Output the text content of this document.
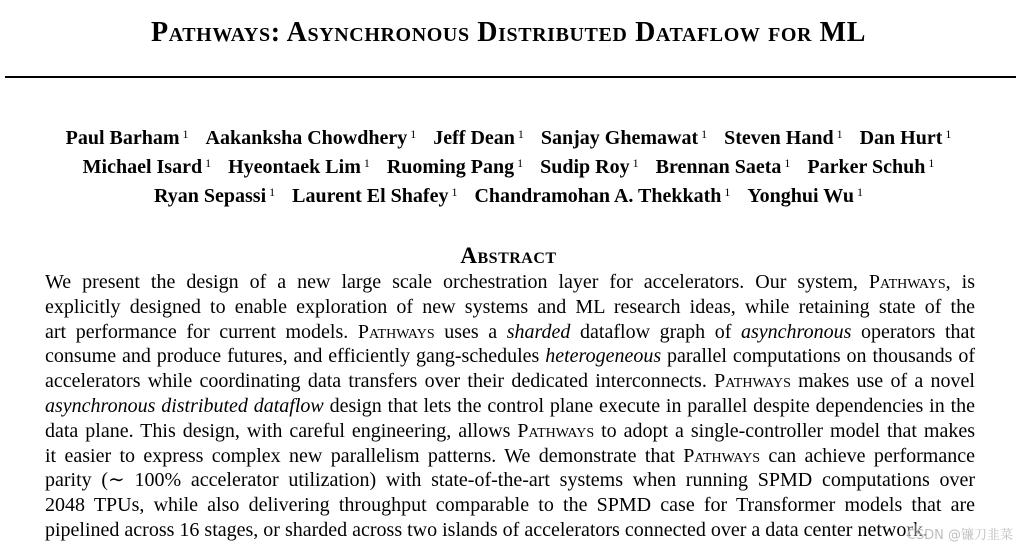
Pathways: Asynchronous Distributed Dataflow for ML
Paul Barham $^1$ Aakanksha Chowdhery $^1$ Jeff Dean $^1$ Sanjay Ghemawat $^1$ Steven Hand $^1$ Dan Hurt $^1$
Michael Isard $^1$ Hyeontaek Lim $^1$ Ruoming Pang $^1$ Sudip Roy $^1$ Brennan Saeta $^1$ Parker Schuh $^1$
Ryan Sepassi $^1$ Laurent El Shafey $^1$ Chandramohan A. Thekkath $^1$ Yonghui Wu $^1$
Abstract
We present the design of a new large scale orchestration layer for accelerators. Our system, Pathways, is
explicitly designed to enable exploration of new systems and ML research ideas, while retaining state of the
art performance for current models. Pathways uses a sharded dataflow graph of asynchronous operators that
consume and produce futures, and efficiently gang-schedules heterogeneous parallel computations on thousands of
accelerators while coordinating data transfers over their dedicated interconnects. Pathways makes use of a novel
asynchronous distributed dataflow design that lets the control plane execute in parallel despite dependencies in the
data plane. This design, with careful engineering, allows Pathways to adopt a single-controller model that makes
it easier to express complex new parallelism patterns. We demonstrate that Pathways can achieve performance
parity (∼ 100% accelerator utilization) with state-of-the-art systems when running SPMD computations over
2048 TPUs, while also delivering throughput comparable to the SPMD case for Transformer models that are
pipelined across 16 stages, or sharded across two islands of accelerators connected over a data center network.
CSDN @镰刀韭菜
